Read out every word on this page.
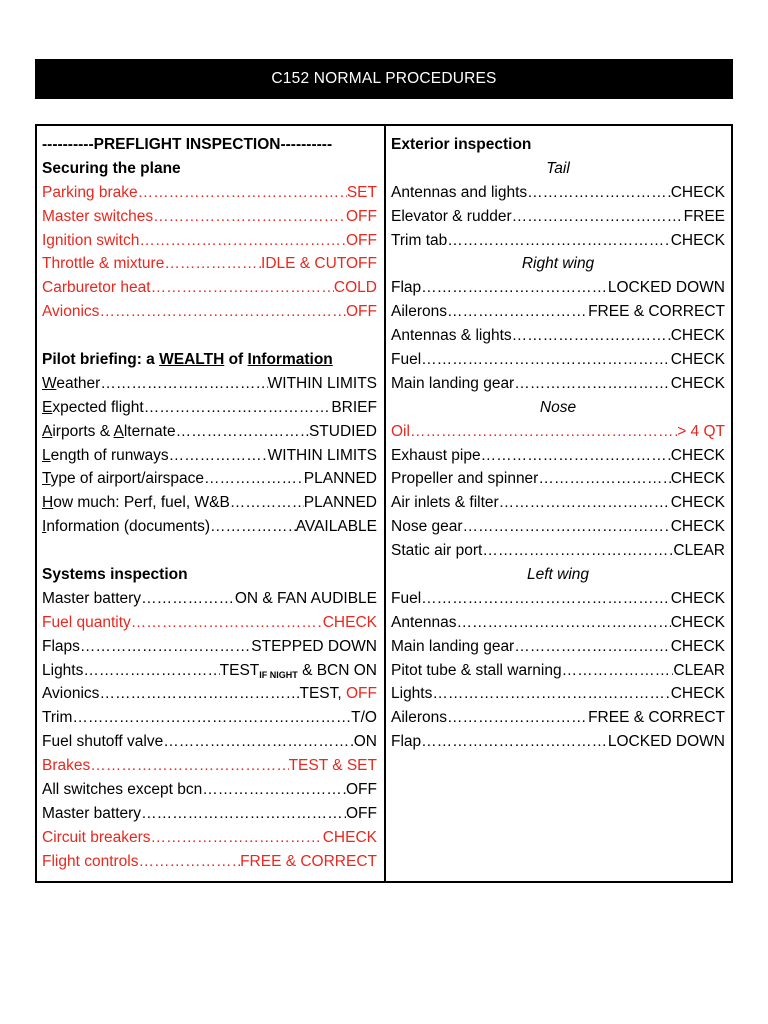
C152 NORMAL PROCEDURES
----------PREFLIGHT INSPECTION----------
Securing the plane
Parking brake ……………………………………………………………………	SET
Master switches ……………………………………………………………………	OFF
Ignition switch ……………………………………………………………………	OFF
Throttle & mixture ……………………………………………………………………	IDLE & CUTOFF
Carburetor heat ……………………………………………………………………	COLD
Avionics ……………………………………………………………………	OFF
Pilot briefing: a WEALTH of Information
Weather ……………………………………………………………………	WITHIN LIMITS
Expected flight ……………………………………………………………………	BRIEF
Airports & Alternate ……………………………………………………………………	STUDIED
Length of runways ……………………………………………………………………	WITHIN LIMITS
Type of airport/airspace ……………………………………………………………………	PLANNED
How much: Perf, fuel, W&B ……………………………………………………………………	PLANNED
Information (documents) ……………………………………………………………………	AVAILABLE
Systems inspection
Master battery ……………………………………………………………………	ON & FAN AUDIBLE
Fuel quantity ……………………………………………………………………	CHECK
Flaps ……………………………………………………………………	STEPPED DOWN
Lights ……………………………………………………………………	TESTIF NIGHT & BCN ON
Avionics ……………………………………………………………………	TEST, OFF
Trim ……………………………………………………………………	T/O
Fuel shutoff valve ……………………………………………………………………	ON
Brakes ……………………………………………………………………	TEST & SET
All switches except bcn ……………………………………………………………………	OFF
Master battery ……………………………………………………………………	OFF
Circuit breakers ……………………………………………………………………	CHECK
Flight controls ……………………………………………………………………	FREE & CORRECT
Exterior inspection
Tail
Antennas and lights ……………………………………………………………………	CHECK
Elevator & rudder ……………………………………………………………………	FREE
Trim tab ……………………………………………………………………	CHECK
Right wing
Flap ……………………………………………………………………	LOCKED DOWN
Ailerons ……………………………………………………………………	FREE & CORRECT
Antennas & lights ……………………………………………………………………	CHECK
Fuel ……………………………………………………………………	CHECK
Main landing gear ……………………………………………………………………	CHECK
Nose
Oil ……………………………………………………………………	> 4 QT
Exhaust pipe ……………………………………………………………………	CHECK
Propeller and spinner ……………………………………………………………………	CHECK
Air inlets & filter ……………………………………………………………………	CHECK
Nose gear ……………………………………………………………………	CHECK
Static air port ……………………………………………………………………	CLEAR
Left wing
Fuel ……………………………………………………………………	CHECK
Antennas ……………………………………………………………………	CHECK
Main landing gear ……………………………………………………………………	CHECK
Pitot tube & stall warning ……………………………………………………………………	CLEAR
Lights ……………………………………………………………………	CHECK
Ailerons ……………………………………………………………………	FREE & CORRECT
Flap ……………………………………………………………………	LOCKED DOWN
